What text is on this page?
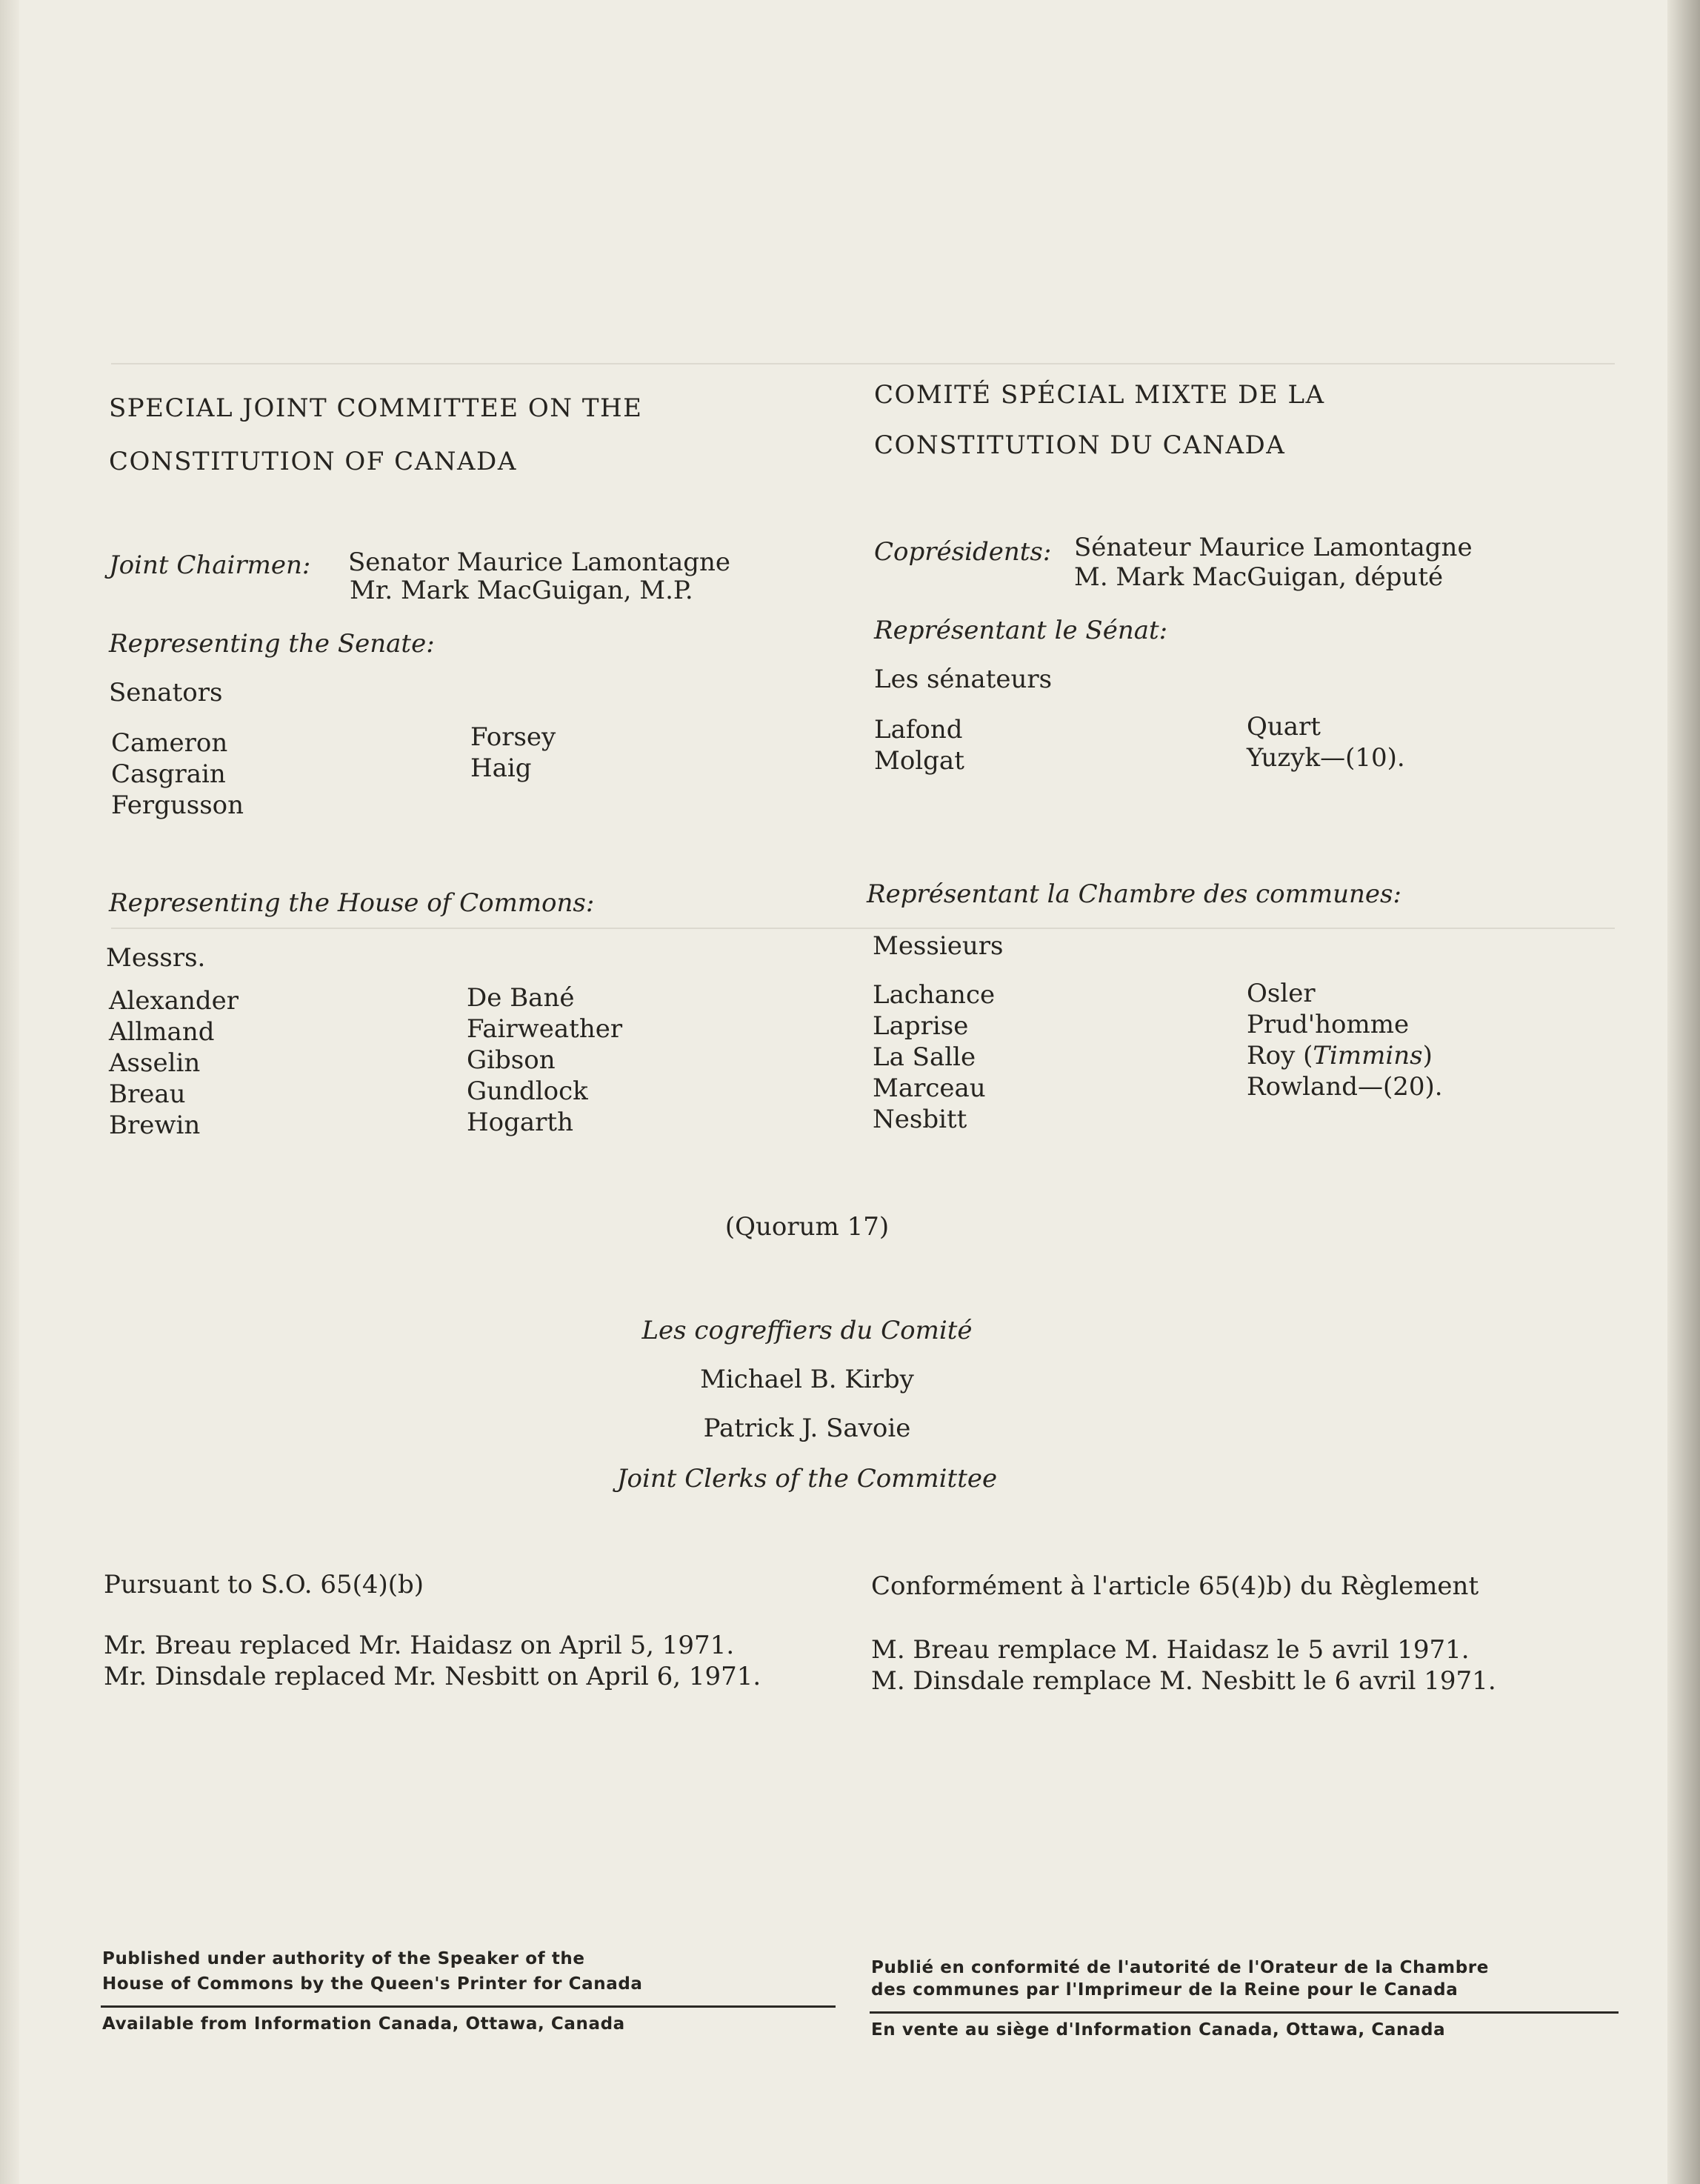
SPECIAL JOINT COMMITTEE ON THE
CONSTITUTION OF CANADA
COMITÉ SPÉCIAL MIXTE DE LA
CONSTITUTION DU CANADA
Joint Chairmen: Senator Maurice Lamontagne
Mr. Mark MacGuigan, M.P.
Coprésidents: Sénateur Maurice Lamontagne
M. Mark MacGuigan, député
Representing the Senate:
Senators
Cameron
Casgrain
Fergusson
Forsey
Haig
Représentant le Sénat:
Les sénateurs
Lafond
Molgat
Quart
Yuzyk—(10).
Representing the House of Commons:
Messrs.
Alexander
Allmand
Asselin
Breau
Brewin
De Bané
Fairweather
Gibson
Gundlock
Hogarth
Représentant la Chambre des communes:
Messieurs
Lachance
Laprise
La Salle
Marceau
Nesbitt
Osler
Prud'homme
Roy (Timmins)
Rowland—(20).
(Quorum 17)
Les cogreffiers du Comité
Michael B. Kirby
Patrick J. Savoie
Joint Clerks of the Committee
Pursuant to S.O. 65(4)(b)
Mr. Breau replaced Mr. Haidasz on April 5, 1971.
Mr. Dinsdale replaced Mr. Nesbitt on April 6, 1971.
Conformément à l'article 65(4)b) du Règlement
M. Breau remplace M. Haidasz le 5 avril 1971.
M. Dinsdale remplace M. Nesbitt le 6 avril 1971.
Published under authority of the Speaker of the
House of Commons by the Queen's Printer for Canada
Available from Information Canada, Ottawa, Canada
Publié en conformité de l'autorité de l'Orateur de la Chambre
des communes par l'Imprimeur de la Reine pour le Canada
En vente au siège d'Information Canada, Ottawa, Canada
